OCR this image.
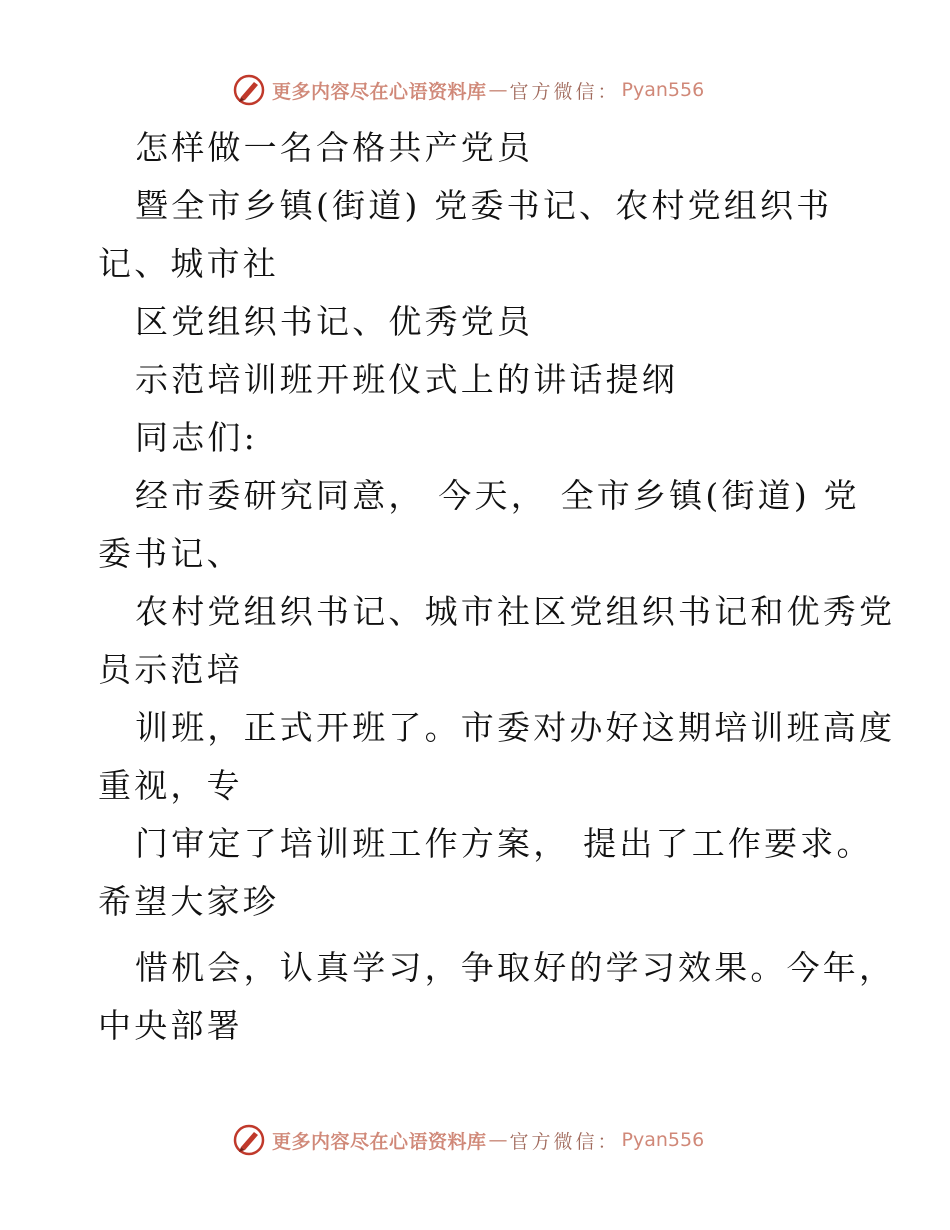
更多内容尽在心语资料库 — 官方微信： Pyan556
怎样做一名合格共产党员
暨全市乡镇(街道) 党委书记、农村党组织书
记、城市社
区党组织书记、优秀党员
示范培训班开班仪式上的讲话提纲
同志们:
经市委研究同意， 今天， 全市乡镇(街道) 党
委书记、
农村党组织书记、城市社区党组织书记和优秀党
员示范培
训班，正式开班了。市委对办好这期培训班高度
重视，专
门审定了培训班工作方案， 提出了工作要求。
希望大家珍
惜机会，认真学习，争取好的学习效果。今年，
中央部署
更多内容尽在心语资料库 — 官方微信： Pyan556
